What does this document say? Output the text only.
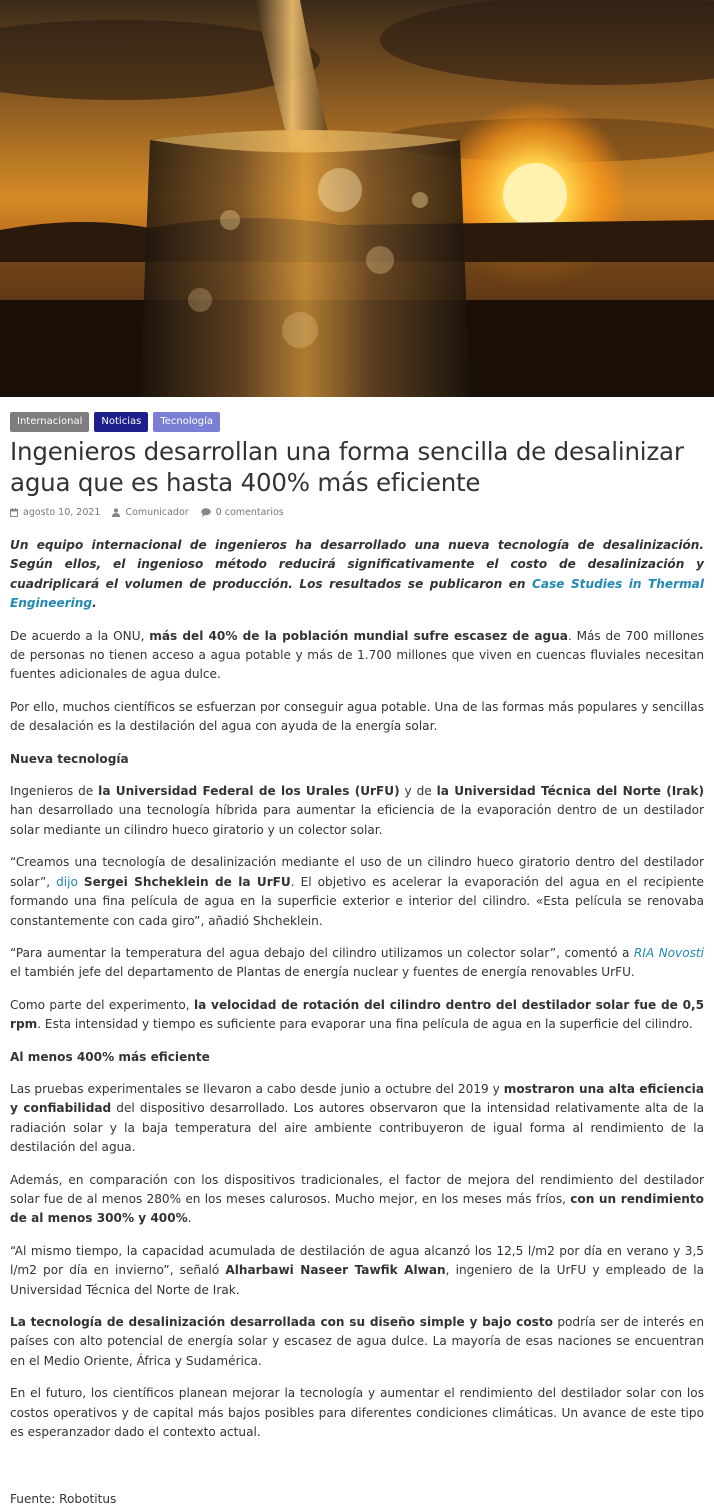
Internacional	Noticias	Tecnología
Ingenieros desarrollan una forma sencilla de desalinizar agua que es hasta 400% más eficiente
agosto 10, 2021	Comunicador	0 comentarios

Un equipo internacional de ingenieros ha desarrollado una nueva tecnología de desalinización. Según ellos, el ingenioso método reducirá significativamente el costo de desalinización y cuadriplicará el volumen de producción. Los resultados se publicaron en Case Studies in Thermal Engineering.

De acuerdo a la ONU, más del 40% de la población mundial sufre escasez de agua. Más de 700 millones de personas no tienen acceso a agua potable y más de 1.700 millones que viven en cuencas fluviales necesitan fuentes adicionales de agua dulce.

Por ello, muchos científicos se esfuerzan por conseguir agua potable. Una de las formas más populares y sencillas de desalación es la destilación del agua con ayuda de la energía solar.

Nueva tecnología

Ingenieros de la Universidad Federal de los Urales (UrFU) y de la Universidad Técnica del Norte (Irak) han desarrollado una tecnología híbrida para aumentar la eficiencia de la evaporación dentro de un destilador solar mediante un cilindro hueco giratorio y un colector solar.

“Creamos una tecnología de desalinización mediante el uso de un cilindro hueco giratorio dentro del destilador solar”, dijo Sergei Shcheklein de la UrFU. El objetivo es acelerar la evaporación del agua en el recipiente formando una fina película de agua en la superficie exterior e interior del cilindro. «Esta película se renovaba constantemente con cada giro”, añadió Shcheklein.

“Para aumentar la temperatura del agua debajo del cilindro utilizamos un colector solar”, comentó a RIA Novosti el también jefe del departamento de Plantas de energía nuclear y fuentes de energía renovables UrFU.

Como parte del experimento, la velocidad de rotación del cilindro dentro del destilador solar fue de 0,5 rpm. Esta intensidad y tiempo es suficiente para evaporar una fina película de agua en la superficie del cilindro.

Al menos 400% más eficiente

Las pruebas experimentales se llevaron a cabo desde junio a octubre del 2019 y mostraron una alta eficiencia y confiabilidad del dispositivo desarrollado. Los autores observaron que la intensidad relativamente alta de la radiación solar y la baja temperatura del aire ambiente contribuyeron de igual forma al rendimiento de la destilación del agua.

Además, en comparación con los dispositivos tradicionales, el factor de mejora del rendimiento del destilador solar fue de al menos 280% en los meses calurosos. Mucho mejor, en los meses más fríos, con un rendimiento de al menos 300% y 400%.

“Al mismo tiempo, la capacidad acumulada de destilación de agua alcanzó los 12,5 l/m2 por día en verano y 3,5 l/m2 por día en invierno”, señaló Alharbawi Naseer Tawfik Alwan, ingeniero de la UrFU y empleado de la Universidad Técnica del Norte de Irak.

La tecnología de desalinización desarrollada con su diseño simple y bajo costo podría ser de interés en países con alto potencial de energía solar y escasez de agua dulce. La mayoría de esas naciones se encuentran en el Medio Oriente, África y Sudamérica.

En el futuro, los científicos planean mejorar la tecnología y aumentar el rendimiento del destilador solar con los costos operativos y de capital más bajos posibles para diferentes condiciones climáticas. Un avance de este tipo es esperanzador dado el contexto actual.

Fuente: Robotitus
